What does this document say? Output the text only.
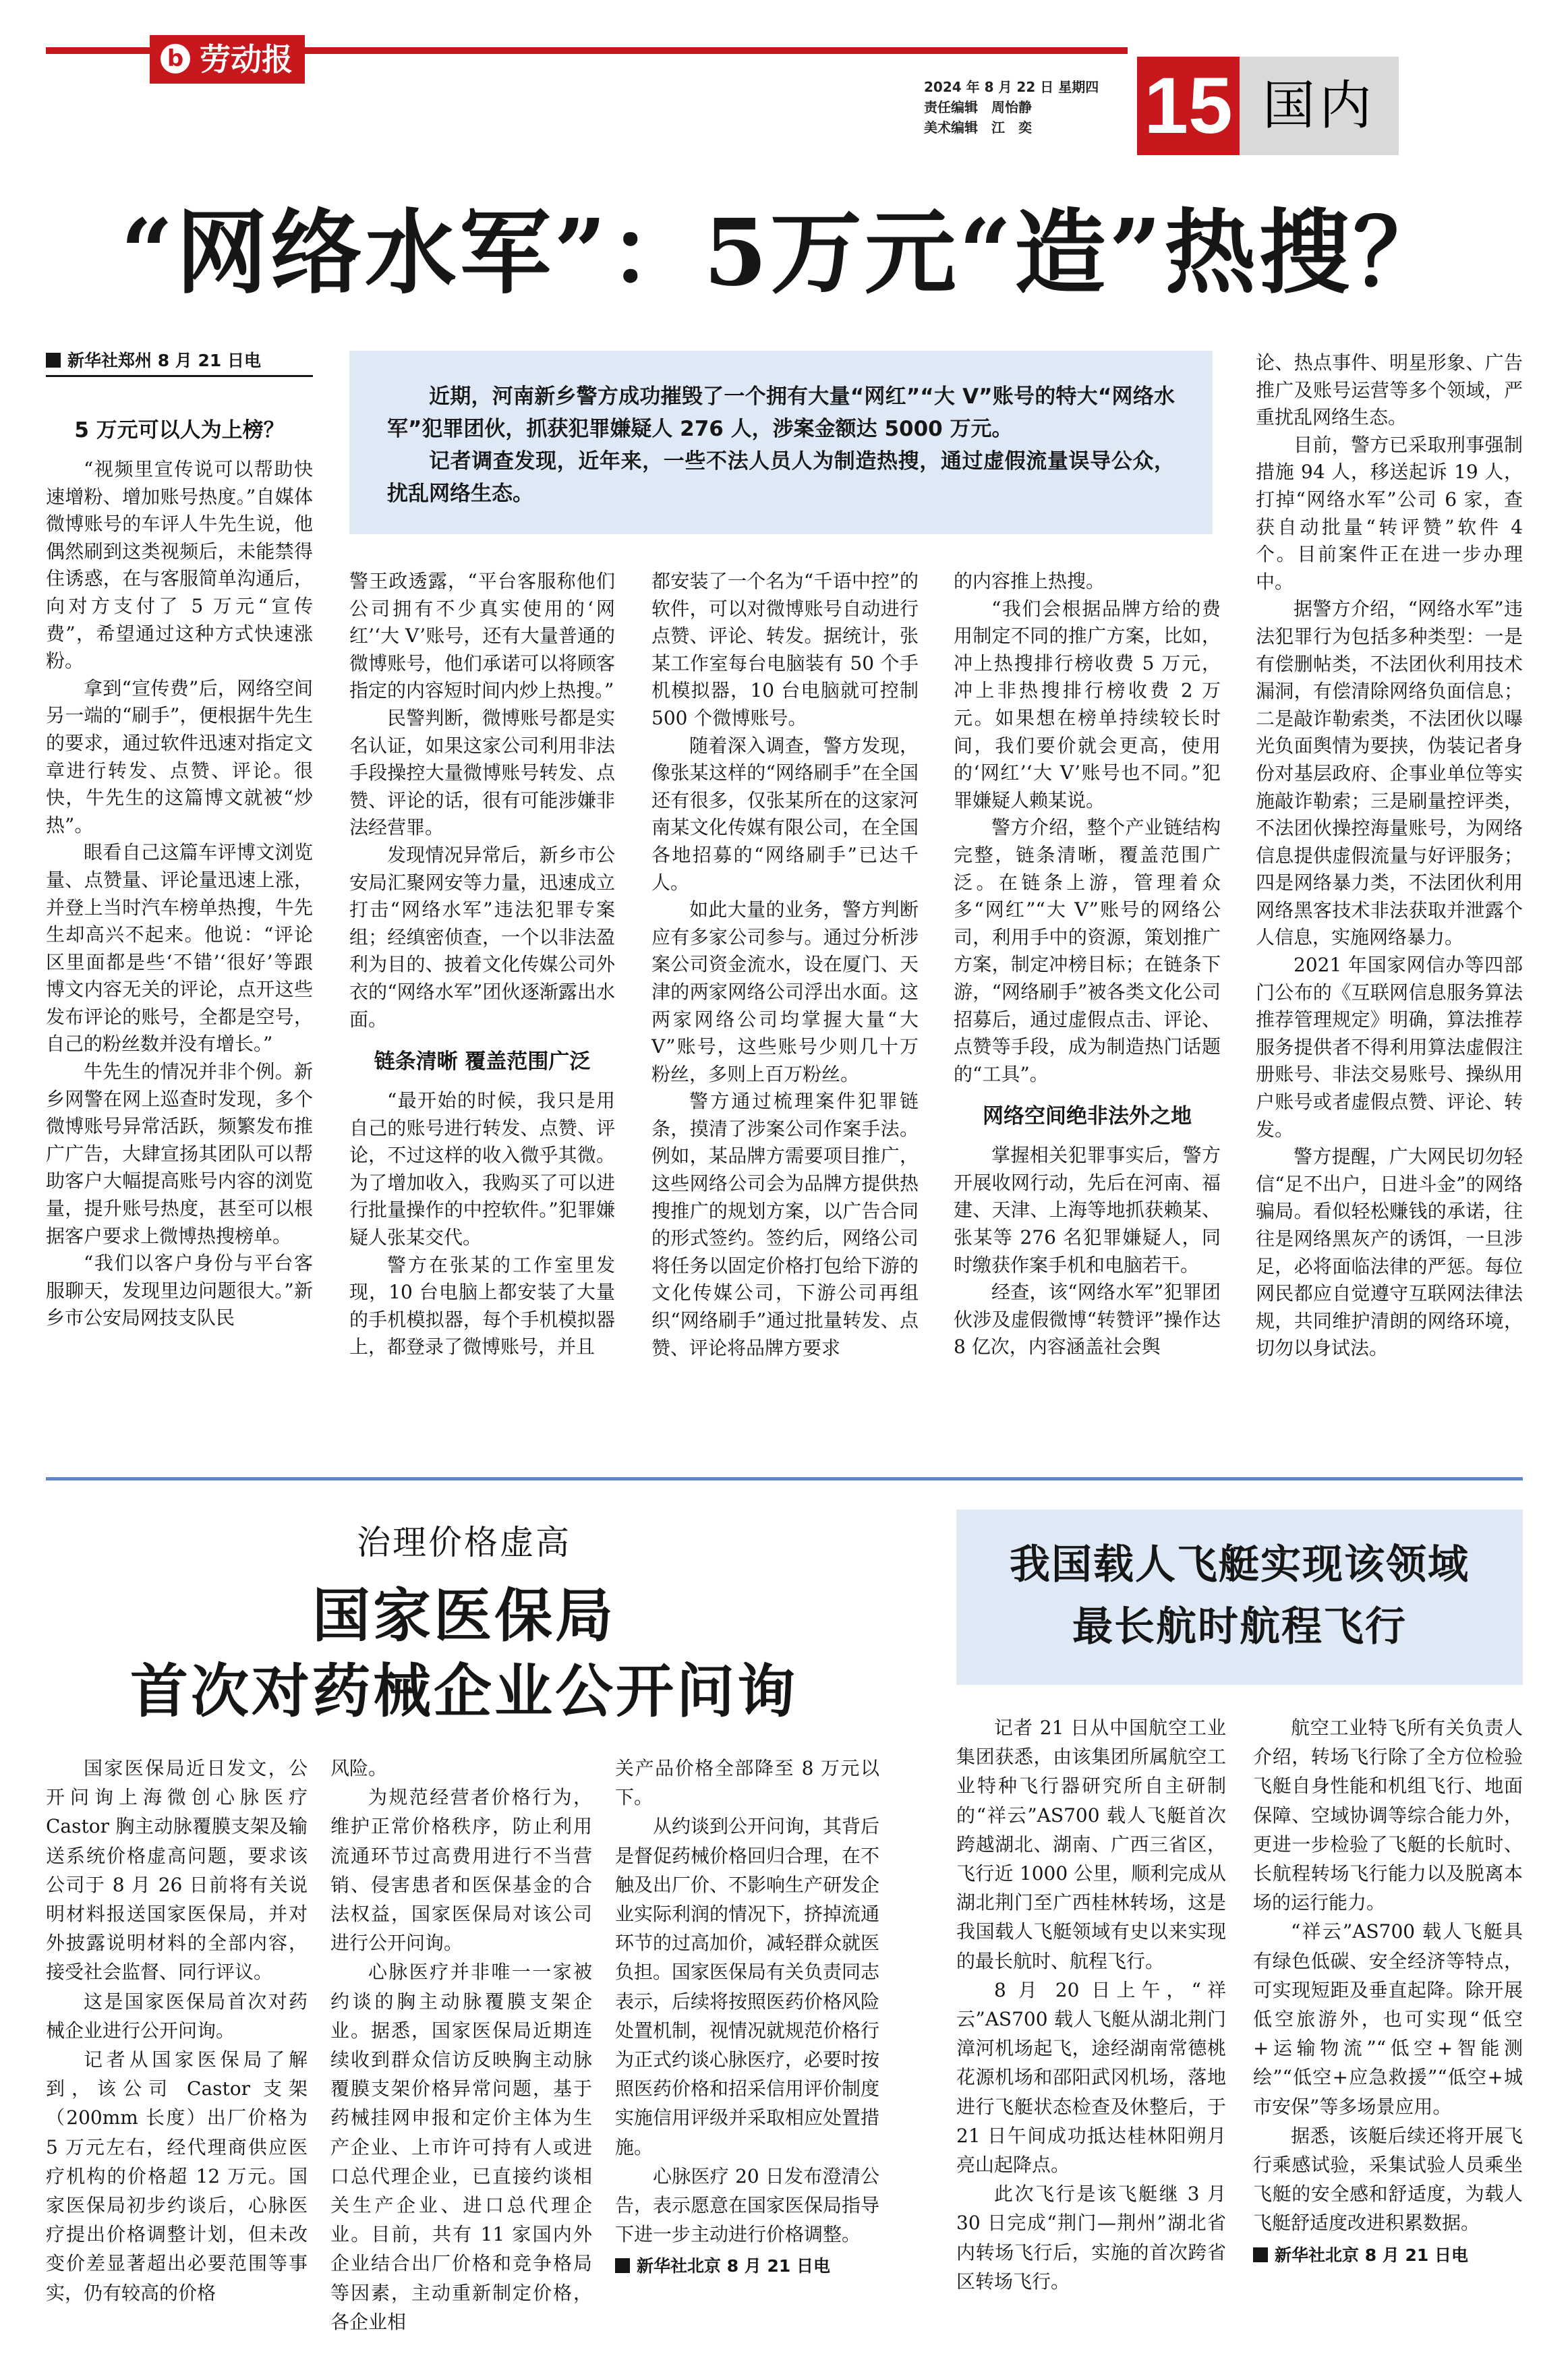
b 劳动报
2024 年 8 月 22 日 星期四
责任编辑　周怡静
美术编辑　江　奕	15 国内
“网络水军”：5万元“造”热搜？
新华社郑州 8 月 21 日电

近期，河南新乡警方成功摧毁了一个拥有大量“网红”“大 V”账号的特大“网络水军”犯罪团伙，抓获犯罪嫌疑人 276 人，涉案金额达 5000 万元。

记者调查发现，近年来，一些不法人员人为制造热搜，通过虚假流量误导公众，扰乱网络生态。

5 万元可以人为上榜？

“视频里宣传说可以帮助快速增粉、增加账号热度。”自媒体微博账号的车评人牛先生说，他偶然刷到这类视频后，未能禁得住诱惑，在与客服简单沟通后，向对方支付了 5 万元“宣传费”，希望通过这种方式快速涨粉。

拿到“宣传费”后，网络空间另一端的“刷手”，便根据牛先生的要求，通过软件迅速对指定文章进行转发、点赞、评论。很快，牛先生的这篇博文就被“炒热”。

眼看自己这篇车评博文浏览量、点赞量、评论量迅速上涨，并登上当时汽车榜单热搜，牛先生却高兴不起来。他说：“评论区里面都是些‘不错’‘很好’等跟博文内容无关的评论，点开这些发布评论的账号，全都是空号，自己的粉丝数并没有增长。”

牛先生的情况并非个例。新乡网警在网上巡查时发现，多个微博账号异常活跃，频繁发布推广广告，大肆宣扬其团队可以帮助客户大幅提高账号内容的浏览量，提升账号热度，甚至可以根据客户要求上微博热搜榜单。

“我们以客户身份与平台客服聊天，发现里边问题很大。”新乡市公安局网技支队民

警王政透露，“平台客服称他们公司拥有不少真实使用的‘网红’‘大 V’账号，还有大量普通的微博账号，他们承诺可以将顾客指定的内容短时间内炒上热搜。”

民警判断，微博账号都是实名认证，如果这家公司利用非法手段操控大量微博账号转发、点赞、评论的话，很有可能涉嫌非法经营罪。

发现情况异常后，新乡市公安局汇聚网安等力量，迅速成立打击“网络水军”违法犯罪专案组；经缜密侦查，一个以非法盈利为目的、披着文化传媒公司外衣的“网络水军”团伙逐渐露出水面。

链条清晰 覆盖范围广泛

“最开始的时候，我只是用自己的账号进行转发、点赞、评论，不过这样的收入微乎其微。为了增加收入，我购买了可以进行批量操作的中控软件。”犯罪嫌疑人张某交代。

警方在张某的工作室里发现，10 台电脑上都安装了大量的手机模拟器，每个手机模拟器上，都登录了微博账号，并且

都安装了一个名为“千语中控”的软件，可以对微博账号自动进行点赞、评论、转发。据统计，张某工作室每台电脑装有 50 个手机模拟器，10 台电脑就可控制 500 个微博账号。

随着深入调查，警方发现，像张某这样的“网络刷手”在全国还有很多，仅张某所在的这家河南某文化传媒有限公司，在全国各地招募的“网络刷手”已达千人。

如此大量的业务，警方判断应有多家公司参与。通过分析涉案公司资金流水，设在厦门、天津的两家网络公司浮出水面。这两家网络公司均掌握大量“大 V”账号，这些账号少则几十万粉丝，多则上百万粉丝。

警方通过梳理案件犯罪链条，摸清了涉案公司作案手法。例如，某品牌方需要项目推广，这些网络公司会为品牌方提供热搜推广的规划方案，以广告合同的形式签约。签约后，网络公司将任务以固定价格打包给下游的文化传媒公司，下游公司再组织“网络刷手”通过批量转发、点赞、评论将品牌方要求

的内容推上热搜。

“我们会根据品牌方给的费用制定不同的推广方案，比如，冲上热搜排行榜收费 5 万元，冲上非热搜排行榜收费 2 万元。如果想在榜单持续较长时间，我们要价就会更高，使用的‘网红’‘大 V’账号也不同。”犯罪嫌疑人赖某说。

警方介绍，整个产业链结构完整，链条清晰，覆盖范围广泛。在链条上游，管理着众多“网红”“大 V”账号的网络公司，利用手中的资源，策划推广方案，制定冲榜目标；在链条下游，“网络刷手”被各类文化公司招募后，通过虚假点击、评论、点赞等手段，成为制造热门话题的“工具”。

网络空间绝非法外之地

掌握相关犯罪事实后，警方开展收网行动，先后在河南、福建、天津、上海等地抓获赖某、张某等 276 名犯罪嫌疑人，同时缴获作案手机和电脑若干。

经查，该“网络水军”犯罪团伙涉及虚假微博“转赞评”操作达 8 亿次，内容涵盖社会舆

论、热点事件、明星形象、广告推广及账号运营等多个领域，严重扰乱网络生态。

目前，警方已采取刑事强制措施 94 人，移送起诉 19 人，打掉“网络水军”公司 6 家，查获自动批量“转评赞”软件 4 个。目前案件正在进一步办理中。

据警方介绍，“网络水军”违法犯罪行为包括多种类型：一是有偿删帖类，不法团伙利用技术漏洞，有偿清除网络负面信息；二是敲诈勒索类，不法团伙以曝光负面舆情为要挟，伪装记者身份对基层政府、企事业单位等实施敲诈勒索；三是刷量控评类，不法团伙操控海量账号，为网络信息提供虚假流量与好评服务；四是网络暴力类，不法团伙利用网络黑客技术非法获取并泄露个人信息，实施网络暴力。

2021 年国家网信办等四部门公布的《互联网信息服务算法推荐管理规定》明确，算法推荐服务提供者不得利用算法虚假注册账号、非法交易账号、操纵用户账号或者虚假点赞、评论、转发。

警方提醒，广大网民切勿轻信“足不出户，日进斗金”的网络骗局。看似轻松赚钱的承诺，往往是网络黑灰产的诱饵，一旦涉足，必将面临法律的严惩。每位网民都应自觉遵守互联网法律法规，共同维护清朗的网络环境，切勿以身试法。

治理价格虚高
国家医保局
首次对药械企业公开问询

国家医保局近日发文，公开问询上海微创心脉医疗 Castor 胸主动脉覆膜支架及输送系统价格虚高问题，要求该公司于 8 月 26 日前将有关说明材料报送国家医保局，并对外披露说明材料的全部内容，接受社会监督、同行评议。

这是国家医保局首次对药械企业进行公开问询。

记者从国家医保局了解到，该公司 Castor 支架（200mm 长度）出厂价格为 5 万元左右，经代理商供应医疗机构的价格超 12 万元。国家医保局初步约谈后，心脉医疗提出价格调整计划，但未改变价差显著超出必要范围等事实，仍有较高的价格

风险。

为规范经营者价格行为，维护正常价格秩序，防止利用流通环节过高费用进行不当营销、侵害患者和医保基金的合法权益，国家医保局对该公司进行公开问询。

心脉医疗并非唯一一家被约谈的胸主动脉覆膜支架企业。据悉，国家医保局近期连续收到群众信访反映胸主动脉覆膜支架价格异常问题，基于药械挂网申报和定价主体为生产企业、上市许可持有人或进口总代理企业，已直接约谈相关生产企业、进口总代理企业。目前，共有 11 家国内外企业结合出厂价格和竞争格局等因素，主动重新制定价格，各企业相

关产品价格全部降至 8 万元以下。

从约谈到公开问询，其背后是督促药械价格回归合理，在不触及出厂价、不影响生产研发企业实际利润的情况下，挤掉流通环节的过高加价，减轻群众就医负担。国家医保局有关负责同志表示，后续将按照医药价格风险处置机制，视情况就规范价格行为正式约谈心脉医疗，必要时按照医药价格和招采信用评价制度实施信用评级并采取相应处置措施。

心脉医疗 20 日发布澄清公告，表示愿意在国家医保局指导下进一步主动进行价格调整。

新华社北京 8 月 21 日电
我国载人飞艇实现该领域
最长航时航程飞行

记者 21 日从中国航空工业集团获悉，由该集团所属航空工业特种飞行器研究所自主研制的“祥云”AS700 载人飞艇首次跨越湖北、湖南、广西三省区，飞行近 1000 公里，顺利完成从湖北荆门至广西桂林转场，这是我国载人飞艇领域有史以来实现的最长航时、航程飞行。

8 月 20 日上午，“祥云”AS700 载人飞艇从湖北荆门漳河机场起飞，途经湖南常德桃花源机场和邵阳武冈机场，落地进行飞艇状态检查及休整后，于 21 日午间成功抵达桂林阳朔月亮山起降点。

此次飞行是该飞艇继 3 月 30 日完成“荆门—荆州”湖北省内转场飞行后，实施的首次跨省区转场飞行。

航空工业特飞所有关负责人介绍，转场飞行除了全方位检验飞艇自身性能和机组飞行、地面保障、空域协调等综合能力外，更进一步检验了飞艇的长航时、长航程转场飞行能力以及脱离本场的运行能力。

“祥云”AS700 载人飞艇具有绿色低碳、安全经济等特点，可实现短距及垂直起降。除开展低空旅游外，也可实现“低空+运输物流”“低空+智能测绘”“低空+应急救援”“低空+城市安保”等多场景应用。

据悉，该艇后续还将开展飞行乘感试验，采集试验人员乘坐飞艇的安全感和舒适度，为载人飞艇舒适度改进积累数据。

新华社北京 8 月 21 日电
